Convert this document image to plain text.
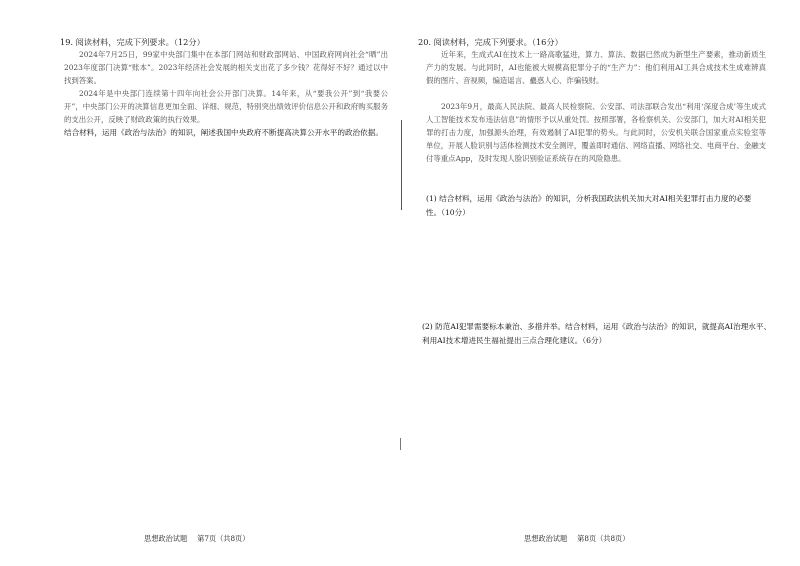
19. 阅读材料，完成下列要求。（12分）
2024年7月25日，99家中央部门集中在本部门网站和财政部网站、中国政府网向社会“晒”出2023年度部门决算“账本”。2023年经济社会发展的相关支出花了多少钱？花得好不好？通过以中找到答案。
2024年是中央部门连续第十四年向社会公开部门决算。14年来，从“要我公开”到“我要公开”，中央部门公开的决算信息更加全面、详细、规范，特别突出绩效评价信息公开和政府购买服务的支出公开，反映了财政政策的执行效果。
结合材料，运用《政治与法治》的知识，阐述我国中央政府不断提高决算公开水平的政治依据。
思想政治试题 第7页（共8页）
20. 阅读材料，完成下列要求。（16分）
近年来，生成式AI在技术上一路高歌猛进，算力、算法、数据已然成为新型生产要素，推动新质生产力的发展。与此同时，AI也能被大规模高犯罪分子的“生产力”：他们利用AI工具合成技术生成难辨真假的图片、音视频，编造谣言、蠱惑人心、诈骗钱财。
2023年9月，最高人民法院、最高人民检察院、公安部、司法部联合发出“利用‘深度合成’等生成式人工智能技术发布违法信息”的情形予以从重处罚。按照部署，各检察机关、公安部门，加大对AI相关犯罪的打击力度，加强源头治理，有效遏制了AI犯罪的势头。与此同时，公安机关联合国家重点实验室等单位，开展人脸识别与活体检测技术安全测评，覆盖即时通信、网络直播、网络社交、电商平台、金融支付等重点App，及时发现人脸识别验证系统存在的风险隐患。
(1) 结合材料，运用《政治与法治》的知识，分析我国政法机关加大对AI相关犯罪打击力度的必要性。（10分）
(2) 防范AI犯罪需要标本兼治、多措并举。结合材料，运用《政治与法治》的知识，就提高AI治理水平、利用AI技术增进民生福祉提出三点合理化建议。（6分）
思想政治试题 第8页（共8页）
